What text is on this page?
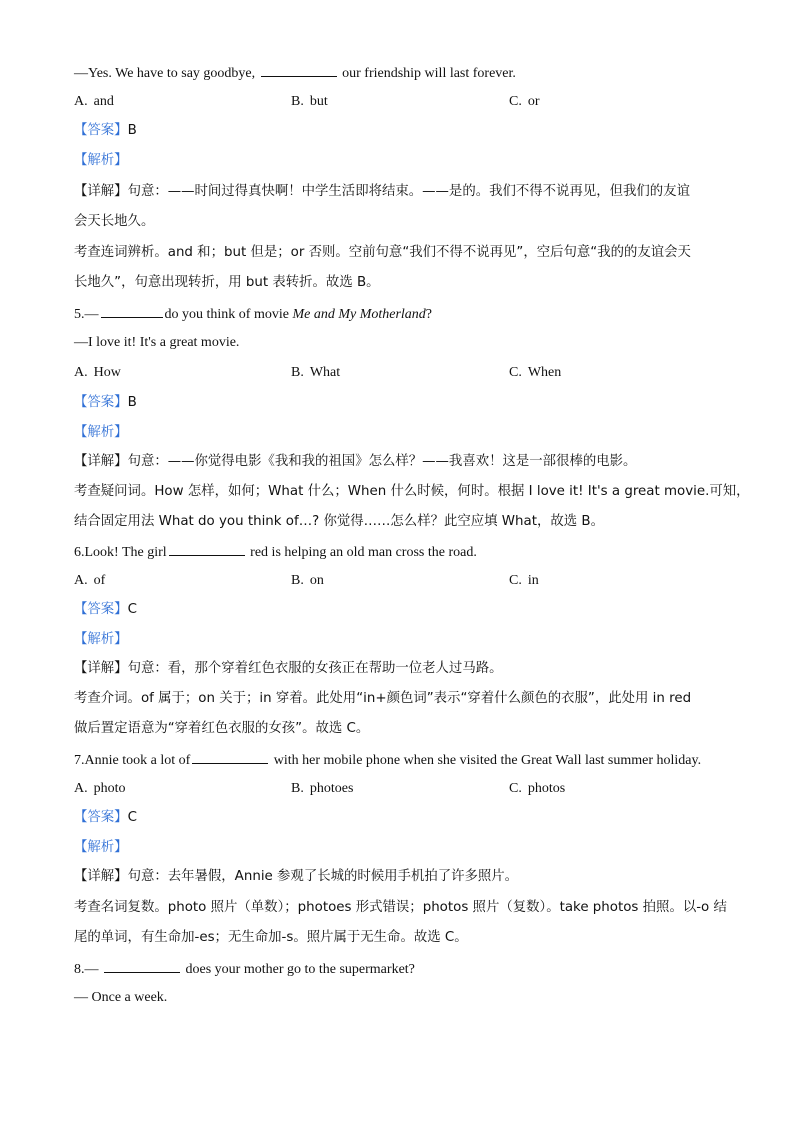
—Yes. We have to say goodbye,	our friendship will last forever.
A. and	B. but	C. or
【答案】B
【解析】
【详解】句意：——时间过得真快啊！中学生活即将结束。——是的。我们不得不说再见，但我们的友谊
会天长地久。
考查连词辨析。and 和；but 但是；or 否则。空前句意“我们不得不说再见”，空后句意“我的的友谊会天
长地久”，句意出现转折，用 but 表转折。故选 B。
5.—	do you think of movie Me and My Motherland?
—I love it! It's a great movie.
A. How	B. What	C. When
【答案】B
【解析】
【详解】句意：——你觉得电影《我和我的祖国》怎么样？——我喜欢！这是一部很棒的电影。
考查疑问词。How 怎样，如何；What 什么；When 什么时候，何时。根据 I love it! It's a great movie.可知，
结合固定用法 What do you think of…? 你觉得……怎么样？此空应填 What，故选 B。
6.Look! The girl	red is helping an old man cross the road.
A. of	B. on	C. in
【答案】C
【解析】
【详解】句意：看，那个穿着红色衣服的女孩正在帮助一位老人过马路。
考查介词。of 属于；on 关于；in 穿着。此处用“in+颜色词”表示“穿着什么颜色的衣服”，此处用 in red
做后置定语意为“穿着红色衣服的女孩”。故选 C。
7.Annie took a lot of	with her mobile phone when she visited the Great Wall last summer holiday.
A. photo	B. photoes	C. photos
【答案】C
【解析】
【详解】句意：去年暑假，Annie 参观了长城的时候用手机拍了许多照片。
考查名词复数。photo 照片（单数）；photoes 形式错误；photos 照片（复数）。take photos 拍照。以-o 结
尾的单词，有生命加-es；无生命加-s。照片属于无生命。故选 C。
8.—	does your mother go to the supermarket?
— Once a week.
